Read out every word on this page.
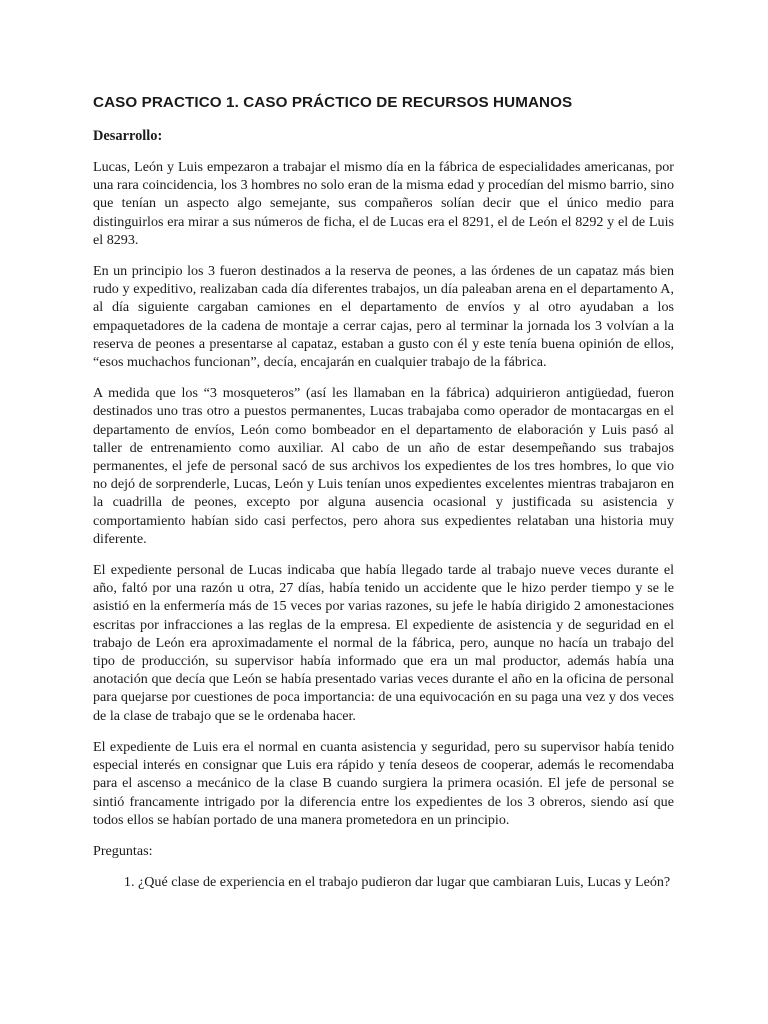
CASO PRACTICO 1. CASO PRÁCTICO DE RECURSOS HUMANOS
Desarrollo:

Lucas, León y Luis empezaron a trabajar el mismo día en la fábrica de especialidades americanas, por una rara coincidencia, los 3 hombres no solo eran de la misma edad y procedían del mismo barrio, sino que tenían un aspecto algo semejante, sus compañeros solían decir que el único medio para distinguirlos era mirar a sus números de ficha, el de Lucas era el 8291, el de León el 8292 y el de Luis el 8293.

En un principio los 3 fueron destinados a la reserva de peones, a las órdenes de un capataz más bien rudo y expeditivo, realizaban cada día diferentes trabajos, un día paleaban arena en el departamento A, al día siguiente cargaban camiones en el departamento de envíos y al otro ayudaban a los empaquetadores de la cadena de montaje a cerrar cajas, pero al terminar la jornada los 3 volvían a la reserva de peones a presentarse al capataz, estaban a gusto con él y este tenía buena opinión de ellos, “esos muchachos funcionan”, decía, encajarán en cualquier trabajo de la fábrica.

A medida que los “3 mosqueteros” (así les llamaban en la fábrica) adquirieron antigüedad, fueron destinados uno tras otro a puestos permanentes, Lucas trabajaba como operador de montacargas en el departamento de envíos, León como bombeador en el departamento de elaboración y Luis pasó al taller de entrenamiento como auxiliar. Al cabo de un año de estar desempeñando sus trabajos permanentes, el jefe de personal sacó de sus archivos los expedientes de los tres hombres, lo que vio no dejó de sorprenderle, Lucas, León y Luis tenían unos expedientes excelentes mientras trabajaron en la cuadrilla de peones, excepto por alguna ausencia ocasional y justificada su asistencia y comportamiento habían sido casi perfectos, pero ahora sus expedientes relataban una historia muy diferente.

El expediente personal de Lucas indicaba que había llegado tarde al trabajo nueve veces durante el año, faltó por una razón u otra, 27 días, había tenido un accidente que le hizo perder tiempo y se le asistió en la enfermería más de 15 veces por varias razones, su jefe le había dirigido 2 amonestaciones escritas por infracciones a las reglas de la empresa. El expediente de asistencia y de seguridad en el trabajo de León era aproximadamente el normal de la fábrica, pero, aunque no hacía un trabajo del tipo de producción, su supervisor había informado que era un mal productor, además había una anotación que decía que León se había presentado varias veces durante el año en la oficina de personal para quejarse por cuestiones de poca importancia: de una equivocación en su paga una vez y dos veces de la clase de trabajo que se le ordenaba hacer.

El expediente de Luis era el normal en cuanta asistencia y seguridad, pero su supervisor había tenido especial interés en consignar que Luis era rápido y tenía deseos de cooperar, además le recomendaba para el ascenso a mecánico de la clase B cuando surgiera la primera ocasión. El jefe de personal se sintió francamente intrigado por la diferencia entre los expedientes de los 3 obreros, siendo así que todos ellos se habían portado de una manera prometedora en un principio.

Preguntas:
1. ¿Qué clase de experiencia en el trabajo pudieron dar lugar que cambiaran Luis, Lucas y León?
